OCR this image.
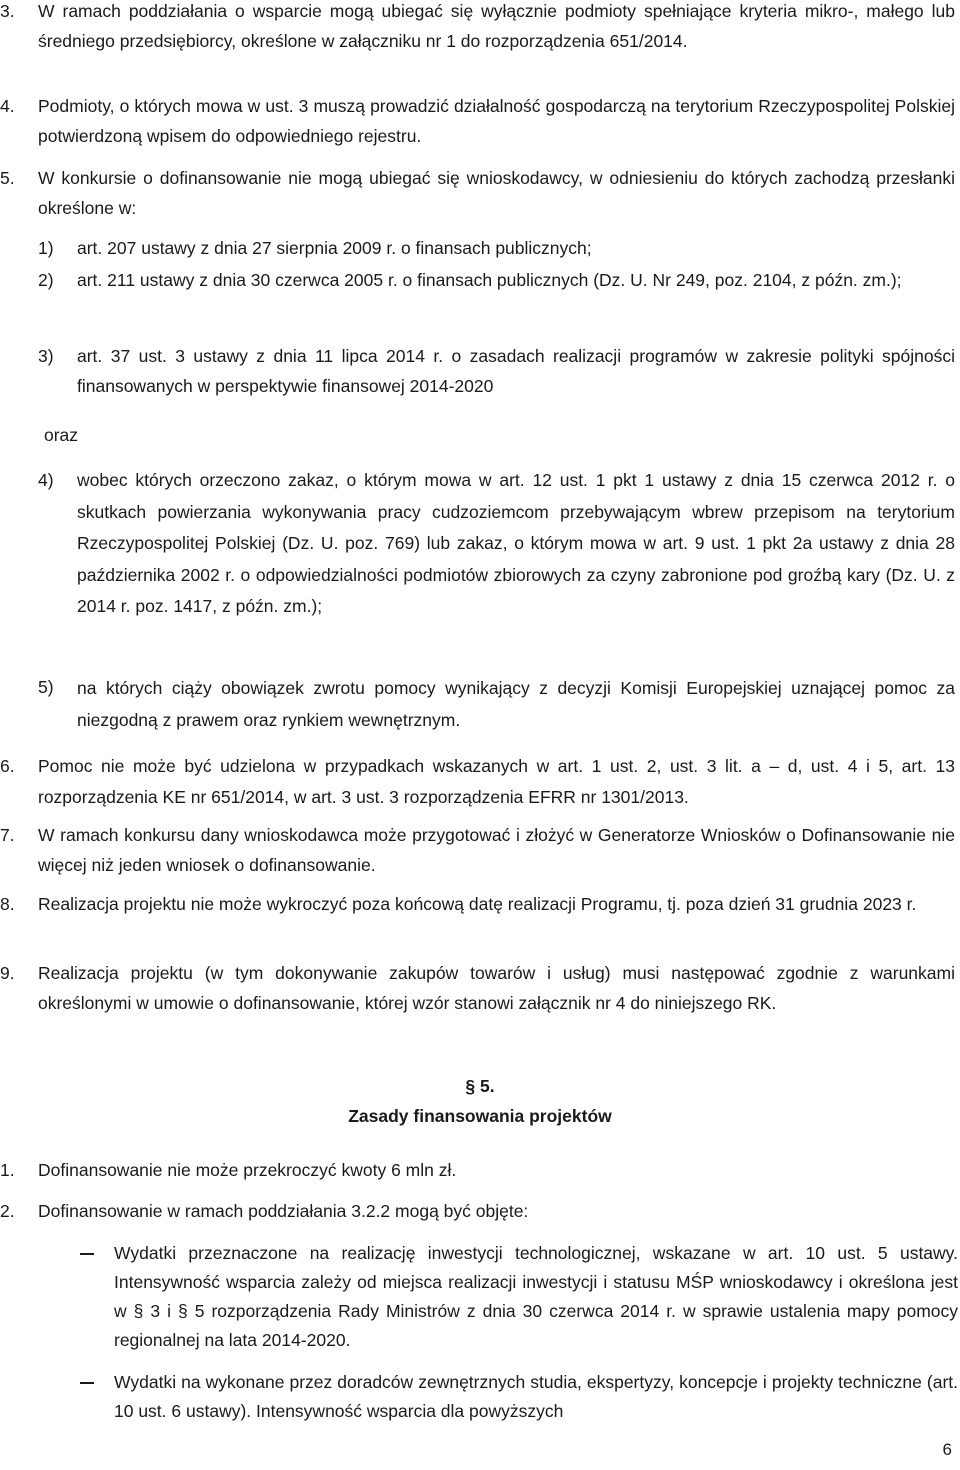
3. W ramach poddziałania o wsparcie mogą ubiegać się wyłącznie podmioty spełniające kryteria mikro-, małego lub średniego przedsiębiorcy, określone w załączniku nr 1 do rozporządzenia 651/2014.
4. Podmioty, o których mowa w ust. 3 muszą prowadzić działalność gospodarczą na terytorium Rzeczypospolitej Polskiej potwierdzoną wpisem do odpowiedniego rejestru.
5. W konkursie o dofinansowanie nie mogą ubiegać się wnioskodawcy, w odniesieniu do których zachodzą przesłanki określone w:
1) art. 207 ustawy z dnia 27 sierpnia 2009 r. o finansach publicznych;
2) art. 211 ustawy z dnia 30 czerwca 2005 r. o finansach publicznych (Dz. U. Nr 249, poz. 2104, z późn. zm.);
3) art. 37 ust. 3 ustawy z dnia 11 lipca 2014 r. o zasadach realizacji programów w zakresie polityki spójności finansowanych w perspektywie finansowej 2014-2020
oraz
4) wobec których orzeczono zakaz, o którym mowa w art. 12 ust. 1 pkt 1 ustawy z dnia 15 czerwca 2012 r. o skutkach powierzania wykonywania pracy cudzoziemcom przebywającym wbrew przepisom na terytorium Rzeczypospolitej Polskiej (Dz. U. poz. 769) lub zakaz, o którym mowa w art. 9 ust. 1 pkt 2a ustawy z dnia 28 października 2002 r. o odpowiedzialności podmiotów zbiorowych za czyny zabronione pod groźbą kary (Dz. U. z 2014 r. poz. 1417, z późn. zm.);
5) na których ciąży obowiązek zwrotu pomocy wynikający z decyzji Komisji Europejskiej uznającej pomoc za niezgodną z prawem oraz rynkiem wewnętrznym.
6. Pomoc nie może być udzielona w przypadkach wskazanych w art. 1 ust. 2, ust. 3 lit. a – d, ust. 4 i 5, art. 13 rozporządzenia KE nr 651/2014, w art. 3 ust. 3 rozporządzenia EFRR nr 1301/2013.
7. W ramach konkursu dany wnioskodawca może przygotować i złożyć w Generatorze Wniosków o Dofinansowanie nie więcej niż jeden wniosek o dofinansowanie.
8. Realizacja projektu nie może wykroczyć poza końcową datę realizacji Programu, tj. poza dzień 31 grudnia 2023 r.
9. Realizacja projektu (w tym dokonywanie zakupów towarów i usług) musi następować zgodnie z warunkami określonymi w umowie o dofinansowanie, której wzór stanowi załącznik nr 4 do niniejszego RK.
§ 5.
Zasady finansowania projektów
1. Dofinansowanie nie może przekroczyć kwoty 6 mln zł.
2. Dofinansowanie w ramach poddziałania 3.2.2 mogą być objęte:
Wydatki przeznaczone na realizację inwestycji technologicznej, wskazane w art. 10 ust. 5 ustawy. Intensywność wsparcia zależy od miejsca realizacji inwestycji i statusu MŚP wnioskodawcy i określona jest w § 3 i § 5 rozporządzenia Rady Ministrów z dnia 30 czerwca 2014 r. w sprawie ustalenia mapy pomocy regionalnej na lata 2014-2020.
Wydatki na wykonane przez doradców zewnętrznych studia, ekspertyzy, koncepcje i projekty techniczne (art. 10 ust. 6 ustawy). Intensywność wsparcia dla powyższych
6
